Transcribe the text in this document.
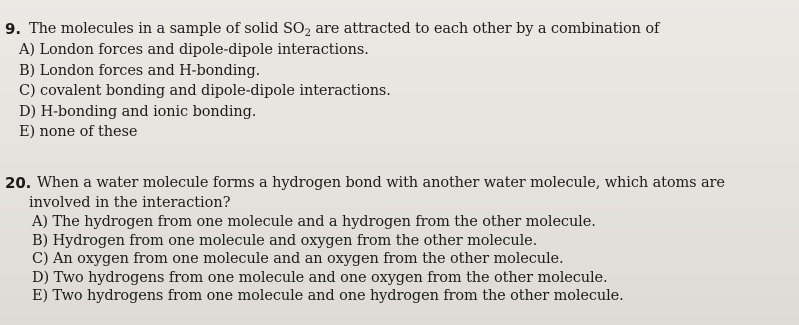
9. The molecules in a sample of solid $SO_2$ are attracted to each other by a combination of
A) London forces and dipole-dipole interactions.
B) London forces and H-bonding.
C) covalent bonding and dipole-dipole interactions.
D) H-bonding and ionic bonding.
E) none of these
20. When a water molecule forms a hydrogen bond with another water molecule, which atoms are
involved in the interaction?
A) The hydrogen from one molecule and a hydrogen from the other molecule.
B) Hydrogen from one molecule and oxygen from the other molecule.
C) An oxygen from one molecule and an oxygen from the other molecule.
D) Two hydrogens from one molecule and one oxygen from the other molecule.
E) Two hydrogens from one molecule and one hydrogen from the other molecule.
